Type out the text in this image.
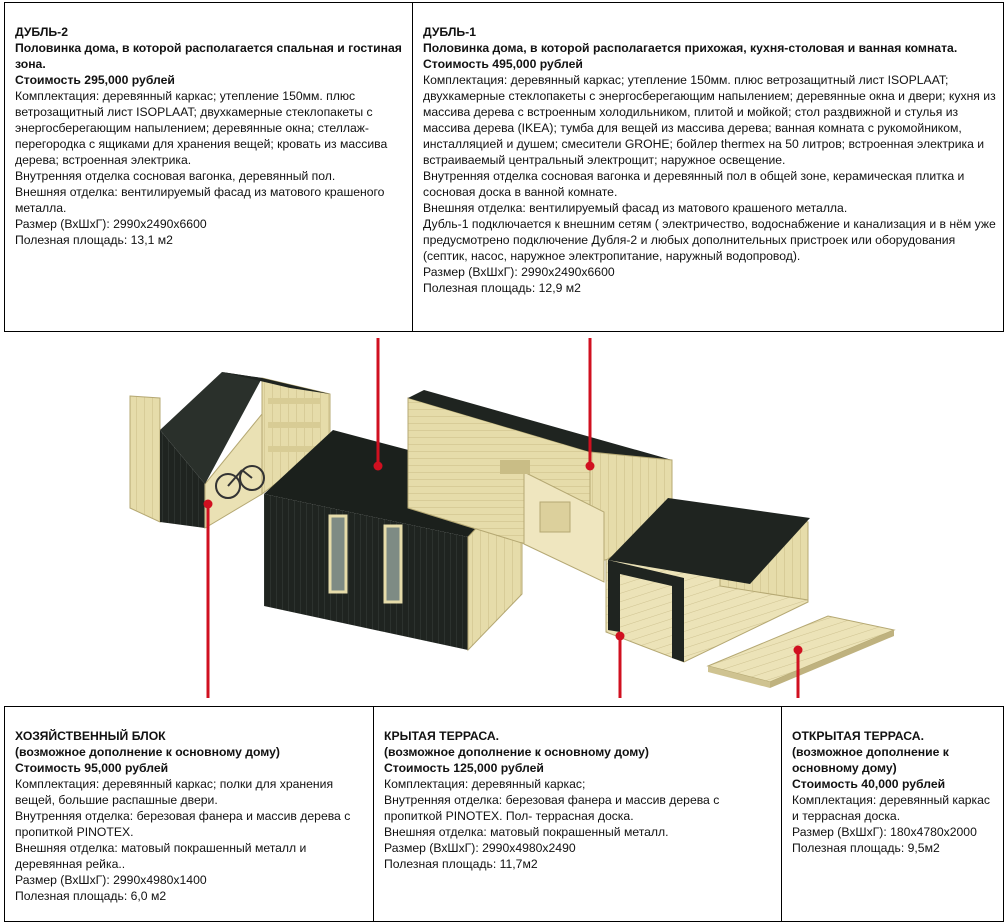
ДУБЛЬ-2
Половинка дома, в которой располагается спальная и гостиная зона.
Стоимость 295,000 рублей
Комплектация: деревянный каркас; утепление 150мм. плюс ветрозащитный лист ISOPLAAT; двухкамерные стеклопакеты с энергосберегающим напылением; деревянные окна; стеллаж-перегородка с ящиками для хранения вещей; кровать из массива дерева; встроенная электрика.
Внутренняя отделка сосновая вагонка, деревянный пол.
Внешняя отделка: вентилируемый фасад из матового крашеного металла.
Размер (ВхШхГ): 2990х2490х6600
Полезная площадь: 13,1 м2
ДУБЛЬ-1
Половинка дома, в которой располагается прихожая, кухня-столовая и ванная комната.
Стоимость 495,000 рублей
Комплектация: деревянный каркас; утепление 150мм. плюс ветрозащитный лист ISOPLAAT; двухкамерные стеклопакеты с энергосберегающим напылением; деревянные окна и двери; кухня из массива дерева с встроенным холодильником, плитой и мойкой; стол раздвижной и стулья из массива дерева (IKEA); тумба для вещей из массива дерева; ванная комната с рукомойником, инсталляцией и душем; смесители GROHE; бойлер thermex на 50 литров; встроенная электрика и встраиваемый центральный электрощит; наружное освещение.
Внутренняя отделка сосновая вагонка и деревянный пол в общей зоне, керамическая плитка и сосновая доска в ванной комнате.
Внешняя отделка: вентилируемый фасад из матового крашеного металла.
Дубль-1 подключается к внешним сетям ( электричество, водоснабжение и канализация и в нём уже предусмотрено подключение Дубля-2 и любых дополнительных пристроек или оборудования (септик, насос, наружное электропитание, наружный водопровод).
Размер (ВхШхГ): 2990х2490х6600
Полезная площадь: 12,9 м2
ХОЗЯЙСТВЕННЫЙ БЛОК
(возможное дополнение к основному дому)
Стоимость 95,000 рублей
Комплектация: деревянный каркас; полки для хранения вещей, большие распашные двери.
Внутренняя отделка: березовая фанера и массив дерева с пропиткой PINOTEX.
Внешняя отделка: матовый покрашенный металл и деревянная рейка..
Размер (ВхШхГ): 2990х4980х1400
Полезная площадь: 6,0 м2
КРЫТАЯ ТЕРРАСА.
(возможное дополнение к основному дому)
Стоимость 125,000 рублей
Комплектация: деревянный каркас;
Внутренняя отделка: березовая фанера и массив дерева с пропиткой PINOTEX. Пол- террасная доска.
Внешняя отделка: матовый покрашенный металл.
Размер (ВхШхГ): 2990х4980х2490
Полезная площадь: 11,7м2
ОТКРЫТАЯ ТЕРРАСА.
(возможное дополнение к основному дому)
Стоимость 40,000 рублей
Комплектация: деревянный каркас и террасная доска.
Размер (ВхШхГ): 180х4780х2000
Полезная площадь: 9,5м2
